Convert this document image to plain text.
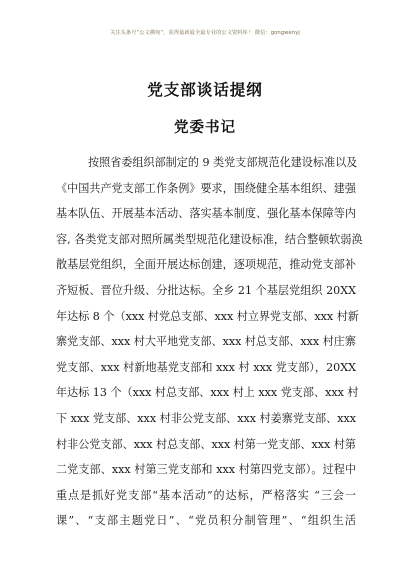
关注头条号“公文拂宛”，获得最新最全最专业的公文资料库！ 微信：gongwenyj
党支部谈话提纲
党委书记
按照省委组织部制定的 9 类党支部规范化建设标准以及
《中国共产党支部工作条例》要求，围绕健全基本组织、建强
基本队伍、开展基本活动、落实基本制度、强化基本保障等内
容, 各类党支部对照所属类型规范化建设标准，结合整顿软弱涣
散基层党组织，全面开展达标创建，逐项规范，推动党支部补
齐短板、晋位升级、分批达标。全乡 21 个基层党组织 20XX
年达标 8 个（xxx 村党总支部、xxx 村立界党支部、xxx 村新
寨党支部、xxx 村大平地党支部、xxx 村总支部、xxx 村庄寨
党支部、xxx 村新地基党支部和 xxx 村 xxx 党支部），20XX
年达标 13 个（xxx 村总支部、xxx 村上 xxx 党支部、xxx 村
下 xxx 党支部、xxx 村非公党支部、xxx 村姜寨党支部、xxx
村非公党支部、xxx 村总支部、xxx 村第一党支部、xxx 村第
二党支部、xxx 村第三党支部和 xxx 村第四党支部）。过程中
重点是抓好党支部“基本活动”的达标，严格落实 “三会一
课”、“支部主题党日”、“党员积分制管理”、“组织生活
